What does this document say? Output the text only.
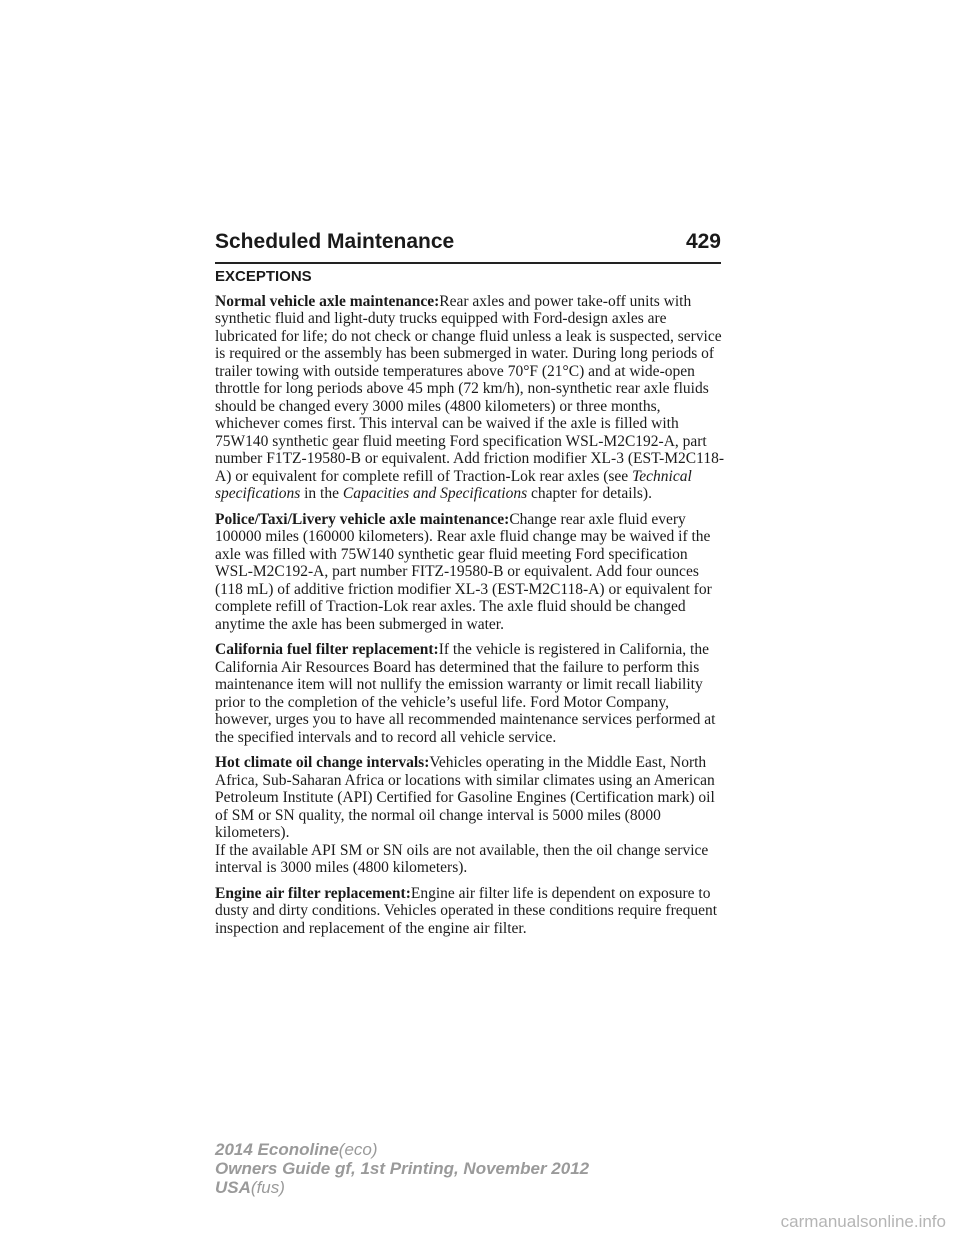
Scheduled Maintenance	429
EXCEPTIONS

Normal vehicle axle maintenance:Rear axles and power take-off units with synthetic fluid and light-duty trucks equipped with Ford-design axles are lubricated for life; do not check or change fluid unless a leak is suspected, service is required or the assembly has been submerged in water. During long periods of trailer towing with outside temperatures above 70°F (21°C) and at wide-open throttle for long periods above 45 mph (72 km/h), non-synthetic rear axle fluids should be changed every 3000 miles (4800 kilometers) or three months, whichever comes first. This interval can be waived if the axle is filled with 75W140 synthetic gear fluid meeting Ford specification WSL-M2C192-A, part number F1TZ-19580-B or equivalent. Add friction modifier XL-3 (EST-M2C118-A) or equivalent for complete refill of Traction-Lok rear axles (see Technical specifications in the Capacities and Specifications chapter for details).

Police/Taxi/Livery vehicle axle maintenance:Change rear axle fluid every 100000 miles (160000 kilometers). Rear axle fluid change may be waived if the axle was filled with 75W140 synthetic gear fluid meeting Ford specification WSL-M2C192-A, part number FITZ-19580-B or equivalent. Add four ounces (118 mL) of additive friction modifier XL-3 (EST-M2C118-A) or equivalent for complete refill of Traction-Lok rear axles. The axle fluid should be changed anytime the axle has been submerged in water.

California fuel filter replacement:If the vehicle is registered in California, the California Air Resources Board has determined that the failure to perform this maintenance item will not nullify the emission warranty or limit recall liability prior to the completion of the vehicle’s useful life. Ford Motor Company, however, urges you to have all recommended maintenance services performed at the specified intervals and to record all vehicle service.

Hot climate oil change intervals:Vehicles operating in the Middle East, North Africa, Sub-Saharan Africa or locations with similar climates using an American Petroleum Institute (API) Certified for Gasoline Engines (Certification mark) oil of SM or SN quality, the normal oil change interval is 5000 miles (8000 kilometers).

If the available API SM or SN oils are not available, then the oil change service interval is 3000 miles (4800 kilometers).

Engine air filter replacement:Engine air filter life is dependent on exposure to dusty and dirty conditions. Vehicles operated in these conditions require frequent inspection and replacement of the engine air filter.

2014 Econoline(eco)
Owners Guide gf, 1st Printing, November 2012
USA(fus)
carmanualsonline.info
